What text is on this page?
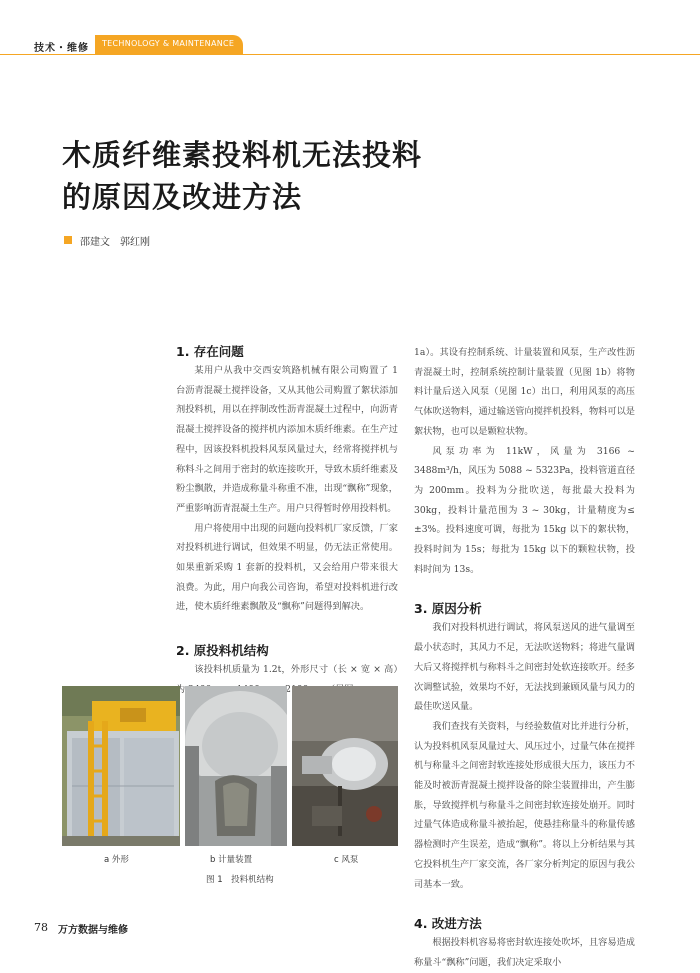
技术・维修 TECHNOLOGY & MAINTENANCE
木质纤维素投料机无法投料
的原因及改进方法
邵建文　郭红刚
1. 存在问题

某用户从我中交西安筑路机械有限公司购置了 1 台沥青混凝土搅拌设备，又从其他公司购置了絮状添加剂投料机，用以在拌制改性沥青混凝土过程中，向沥青混凝土搅拌设备的搅拌机内添加木质纤维素。在生产过程中，因该投料机投料风泵风量过大，经常将搅拌机与称料斗之间用于密封的软连接吹开，导致木质纤维素及粉尘飘散，并造成称量斗称重不准，出现“飘称”现象，严重影响沥青混凝土生产。用户只得暂时停用投料机。

用户将使用中出现的问题向投料机厂家反馈，厂家对投料机进行调试，但效果不明显，仍无法正常使用。如果重新采购 1 套新的投料机，又会给用户带来很大浪费。为此，用户向我公司咨询，希望对投料机进行改进，使木质纤维素飘散及“飘称”问题得到解决。

2. 原投料机结构

该投料机质量为 1.2t，外形尺寸（长 × 宽 × 高）为

1a）。其设有控制系统、计量装置和风泵，生产改性沥青混凝土时，控制系统控制计量装置（见图 1b）将物料计量后送入风泵（见图 1c）出口，利用风泵的高压气体吹送物料，通过输送管向搅拌机投料，物料可以是絮状物，也可以是颗粒状物。

风泵功率为 11kW，风量为 3166 ~ 3488m³/h，风压为 5088 ~ 5323Pa，投料管道直径为 200mm。投料为分批吹送，每批最大投料为 30kg，投料计量范围为 3 ~ 30kg，计量精度为≤ ±3%。投料速度可调，每批为 15kg 以下的絮状物，投料时间为 15s；每批为 15kg 以下的颗粒状物，投料时间为 13s。

3. 原因分析

我们对投料机进行调试，将风泵送风的进气量调至最小状态时，其风力不足，无法吹送物料；将进气量调大后又将搅拌机与称料斗之间密封处软连接吹开。经多次调整试验，效果均不好，无法找到兼顾风量与风力的最佳吹送风量。

我们查找有关资料，与经验数值对比并进行分析，认为投料机风泵风量过大、风压过小，过量气体在搅拌机与称量斗之间密封软连接处形成很大压力，该压力不能及时被沥青混凝土搅拌设备的除尘装置排出，产生膨胀，导致搅拌机与称量斗之间密封软连接处崩开。同时过量气体造成称量斗被抬起，使悬挂称量斗的称量传感器检测时产生误差，造成“飘称”。将以上分析结果与其它投料机生产厂家交流，各厂家分析判定的原因与我公司基本一致。

4. 改进方法

根据投料机容易将密封软连接处吹坏，且容易造成称量斗“飘称”问题，我们决定采取小

a 外形	b 计量装置	c 风泵
图 1　投料机结构
78 万方数据与维修
